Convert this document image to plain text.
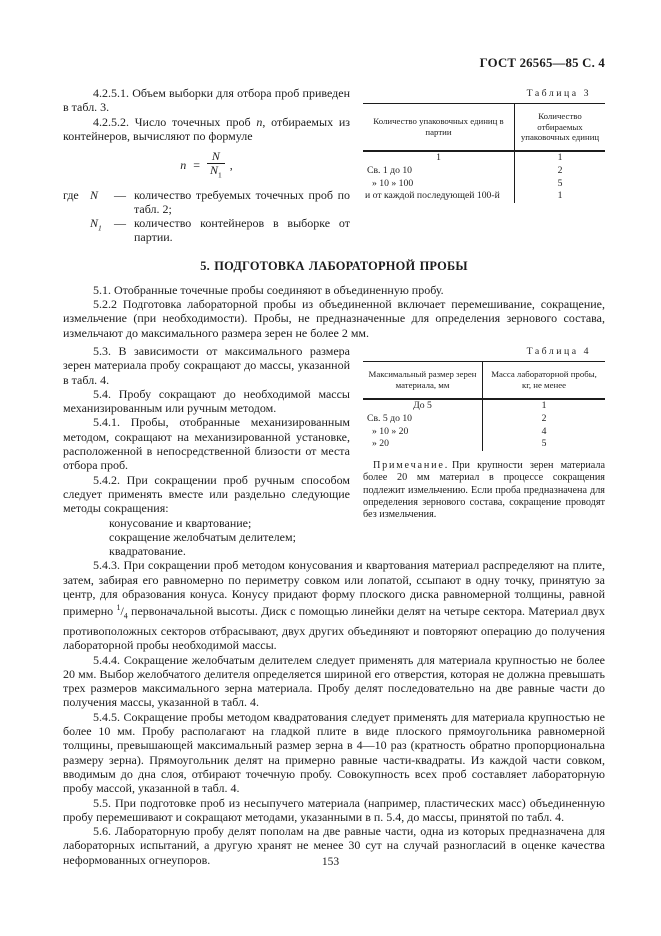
ГОСТ 26565—85 С. 4

4.2.5.1. Объем выборки для отбора проб приведен в табл. 3.

4.2.5.2. Число точечных проб n, отбираемых из контейнеров, вычисляют по формуле

$n = \frac{N}{N_1}$ ,
где N	— количество требуемых точечных проб по табл. 2;
$N_1$	— количество контейнеров в выборке от партии.
Таблица 3
Количество упаковочных единиц в партии
Количество отбираемых упаковочных единиц
1	1
Св. 1 до 10	2
» 10 » 100	5
и от каждой последующей 100-й	1
5. ПОДГОТОВКА ЛАБОРАТОРНОЙ ПРОБЫ

5.1. Отобранные точечные пробы соединяют в объединенную пробу.

5.2.2 Подготовка лабораторной пробы из объединенной включает перемешивание, сокращение, измельчение (при необходимости). Пробы, не предназначенные для определения зернового состава, измельчают до максимального размера зерен не более 2 мм.

5.3. В зависимости от максимального размера зерен материала пробу сокращают до массы, указанной в табл. 4.

5.4. Пробу сокращают до необходимой массы механизированным или ручным методом.

5.4.1. Пробы, отобранные механизированным методом, сокращают на механизированной установке, расположенной в непосредственной близости от места отбора проб.

5.4.2. При сокращении проб ручным способом следует применять вместе или раздельно следующие методы сокращения:

конусование и квартование;
сокращение желобчатым делителем;
квадратование.
Таблица 4
Максимальный размер зерен материала, мм
Масса лабораторной пробы, кг, не менее
До 5	1
Св. 5 до 10	2
» 10 » 20	4
» 20	5

Примечание. При крупности зерен материала более 20 мм материал в процессе сокращения подлежит измельчению. Если проба предназначена для определения зернового состава, сокращение проводят без измельчения.

5.4.3. При сокращении проб методом конусования и квартования материал распределяют на плите, затем, забирая его равномерно по периметру совком или лопатой, ссыпают в одну точку, принятую за центр, для образования конуса. Конусу придают форму плоского диска равномерной толщины, равной примерно $^1/_4$ первоначальной высоты. Диск с помощью линейки делят на четыре сектора. Материал двух противоположных секторов отбрасывают, двух других объединяют и повторяют операцию до получения лабораторной пробы необходимой массы.

5.4.4. Сокращение желобчатым делителем следует применять для материала крупностью не более 20 мм. Выбор желобчатого делителя определяется шириной его отверстия, которая не должна превышать трех размеров максимального зерна материала. Пробу делят последовательно на две равные части до получения массы, указанной в табл. 4.

5.4.5. Сокращение пробы методом квадратования следует применять для материала крупностью не более 10 мм. Пробу располагают на гладкой плите в виде плоского прямоугольника равномерной толщины, превышающей максимальный размер зерна в 4—10 раз (кратность обратно пропорциональна размеру зерна). Прямоугольник делят на примерно равные части-квадраты. Из каждой части совком, вводимым до дна слоя, отбирают точечную пробу. Совокупность всех проб составляет лабораторную пробу массой, указанной в табл. 4.

5.5. При подготовке проб из несыпучего материала (например, пластических масс) объединенную пробу перемешивают и сокращают методами, указанными в п. 5.4, до массы, принятой по табл. 4.

5.6. Лабораторную пробу делят пополам на две равные части, одна из которых предназначена для лабораторных испытаний, а другую хранят не менее 30 сут на случай разногласий в оценке качества неформованных огнеупоров.	153
